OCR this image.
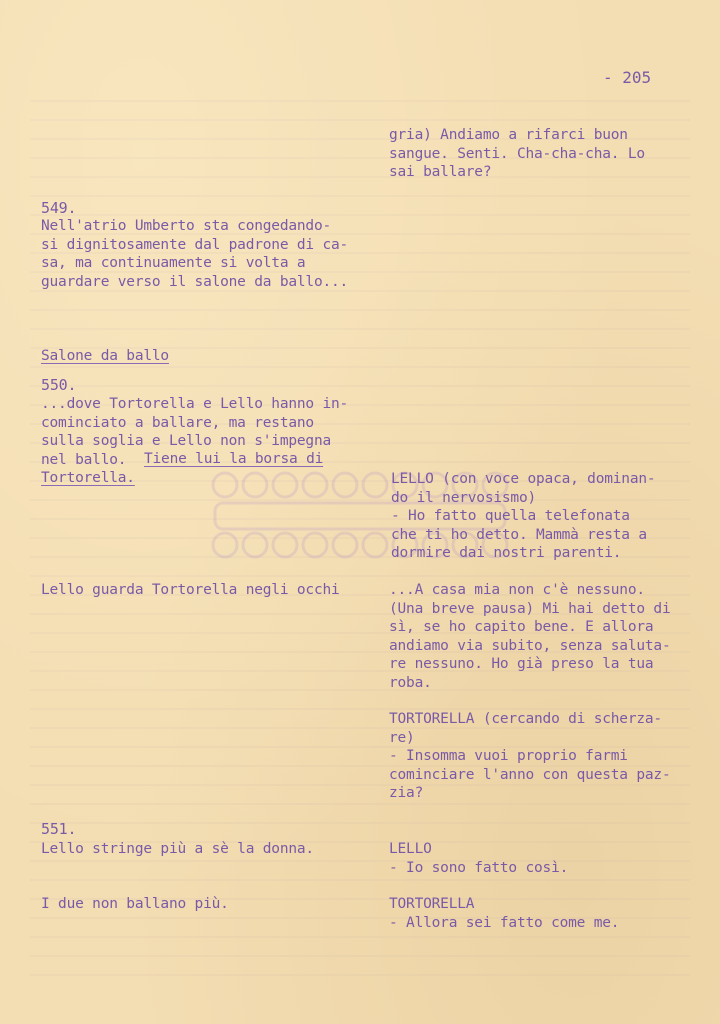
- 205

gria) Andiamo a rifarci buon
sangue. Senti. Cha-cha-cha. Lo
sai ballare?

LELLO (con voce opaca, dominan-
do il nervosismo)

- Ho fatto quella telefonata
che ti ho detto. Mammà resta a
dormire dai nostri parenti.

...A casa mia non c'è nessuno.
(Una breve pausa) Mi hai detto di
sì, se ho capito bene. E allora
andiamo via subito, senza saluta-
re nessuno. Ho già preso la tua
roba.

TORTORELLA (cercando di scherza-
re)

- Insomma vuoi proprio farmi
cominciare l'anno con questa paz-
zia?

LELLO

- Io sono fatto così.

TORTORELLA

- Allora sei fatto come me.

549.

Nell'atrio Umberto sta congedando-
si dignitosamente dal padrone di ca-
sa, ma continuamente si volta a
guardare verso il salone da ballo...

Salone da ballo

550.

...dove Tortorella e Lello hanno in-
cominciato a ballare, ma restano
sulla soglia e Lello non s'impegna
nel ballo.	Tiene lui la borsa di

Tortorella.

Lello guarda Tortorella negli occhi

551.

Lello stringe più a sè la donna.

I due non ballano più.
